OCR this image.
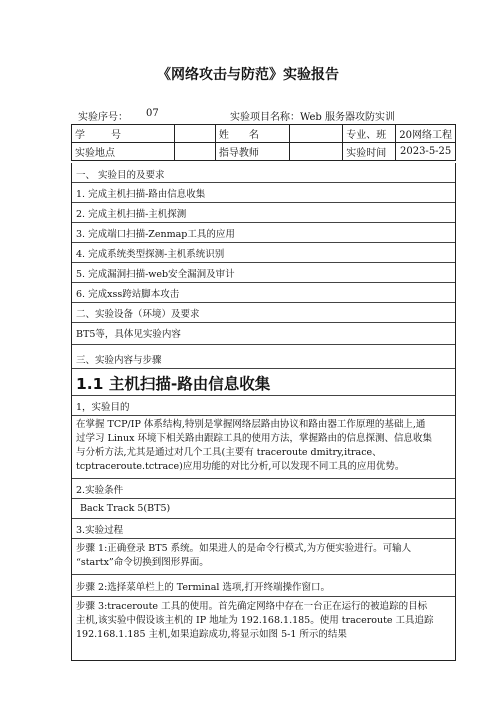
《网络攻击与防范》实验报告
实验序号： 07	实验项目名称：Web 服务器攻防实训
学号		姓名		专业、班	20网络工程
实验地点		指导教师		实验时间	2023-5-25
一、 实验目的及要求
1. 完成主机扫描-路由信息收集
2. 完成主机扫描-主机探测
3. 完成端口扫描-Zenmap工具的应用
4. 完成系统类型探测-主机系统识别
5. 完成漏洞扫描-web安全漏洞及审计
6. 完成xss跨站脚本攻击
二、实验设备（环境）及要求
BT5等，具体见实验内容
三、实验内容与步骤
1.1 主机扫描-路由信息收集
1，实验目的
在掌握 TCP/IP 体系结构,特别是掌握网络层路由协议和路由器工作原理的基础上,通
过学习 Linux 环境下相关路由跟踪工具的使用方法，掌握路由的信息探测、信息收集
与分析方法,尤其是通过对几个工具(主要有 traceroute dmitry,itrace、
tcptraceroute.tctrace)应用功能的对比分析,可以发现不同工具的应用优势。
2.实验条件
Back Track 5(BT5)
3.实验过程
步骤 1:正确登录 BT5 系统。如果进人的是命令行模式,为方便实验进行。可输人
“startx”命令切换到图形界面。
步骤 2:选择菜单栏上的 Terminal 选项,打开终端操作窗口。
步骤 3:traceroute 工具的使用。首先确定网络中存在一台正在运行的被追踪的目标
主机,该实验中假设该主机的 IP 地址为 192.168.1.185。使用 traceroute 工具追踪
192.168.1.185 主机,如果追踪成功,将显示如图 5-1 所示的结果
